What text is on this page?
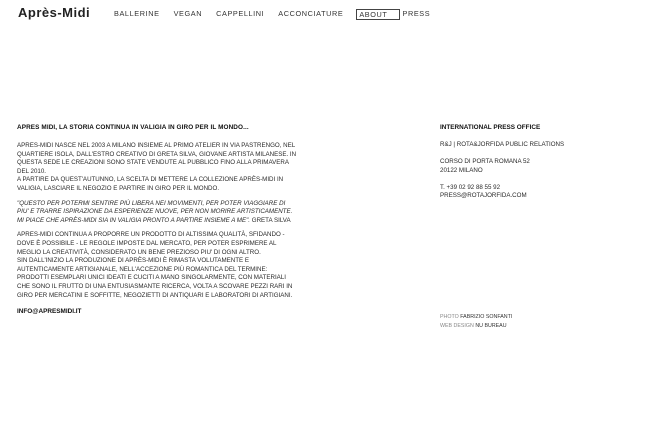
Après-Midi	BALLERINE VEGAN CAPPELLINI ACCONCIATURE	ABOUT	PRESS
APRES MIDI, LA STORIA CONTINUA IN VALIGIA IN GIRO PER IL MONDO...

APRES-MIDI NASCE NEL 2003 A MILANO INSIEME AL PRIMO ATELIER IN VIA PASTRENGO, NEL QUARTIERE ISOLA, DALL'ESTRO CREATIVO DI GRETA SILVA, GIOVANE ARTISTA MILANESE. IN QUESTA SEDE LE CREAZIONI SONO STATE VENDUTE AL PUBBLICO FINO ALLA PRIMAVERA DEL 2010.

A PARTIRE DA QUEST'AUTUNNO, LA SCELTA DI METTERE LA COLLEZIONE APRÈS-MIDI IN VALIGIA, LASCIARE IL NEGOZIO E PARTIRE IN GIRO PER IL MONDO.

"QUESTO PER POTERMI SENTIRE PIÙ LIBERA NEI MOVIMENTI, PER POTER VIAGGIARE DI PIU' E TRARRE ISPIRAZIONE DA ESPERIENZE NUOVE, PER NON MORIRE ARTISTICAMENTE. MI PIACE CHE APRÈS-MIDI SIA IN VALIGIA PRONTO A PARTIRE INSIEME A ME". GRETA SILVA

APRES-MIDI CONTINUA A PROPORRE UN PRODOTTO DI ALTISSIMA QUALITÀ, SFIDANDO - DOVE È POSSIBILE - LE REGOLE IMPOSTE DAL MERCATO, PER POTER ESPRIMERE AL MEGLIO LA CREATIVITÀ, CONSIDERATO UN BENE PREZIOSO PIU' DI OGNI ALTRO.

SIN DALL'INIZIO LA PRODUZIONE DI APRÈS-MIDI È RIMASTA VOLUTAMENTE E AUTENTICAMENTE ARTIGIANALE, NELL'ACCEZIONE PIÙ ROMANTICA DEL TERMINE: PRODOTTI ESEMPLARI UNICI IDEATI E CUCITI A MANO SINGOLARMENTE, CON MATERIALI CHE SONO IL FRUTTO DI UNA ENTUSIASMANTE RICERCA, VOLTA A SCOVARE PEZZI RARI IN GIRO PER MERCATINI E SOFFITTE, NEGOZIETTI DI ANTIQUARI E LABORATORI DI ARTIGIANI.

INFO@APRESMIDI.IT
INTERNATIONAL PRESS OFFICE

R&J | ROTA&JORFIDA PUBLIC RELATIONS

CORSO DI PORTA ROMANA 52

20122 MILANO

T. +39 02 92 88 55 92

PRESS@ROTAJORFIDA.COM

PHOTO FABRIZIO SONFANTI
WEB DESIGN NU BUREAU
